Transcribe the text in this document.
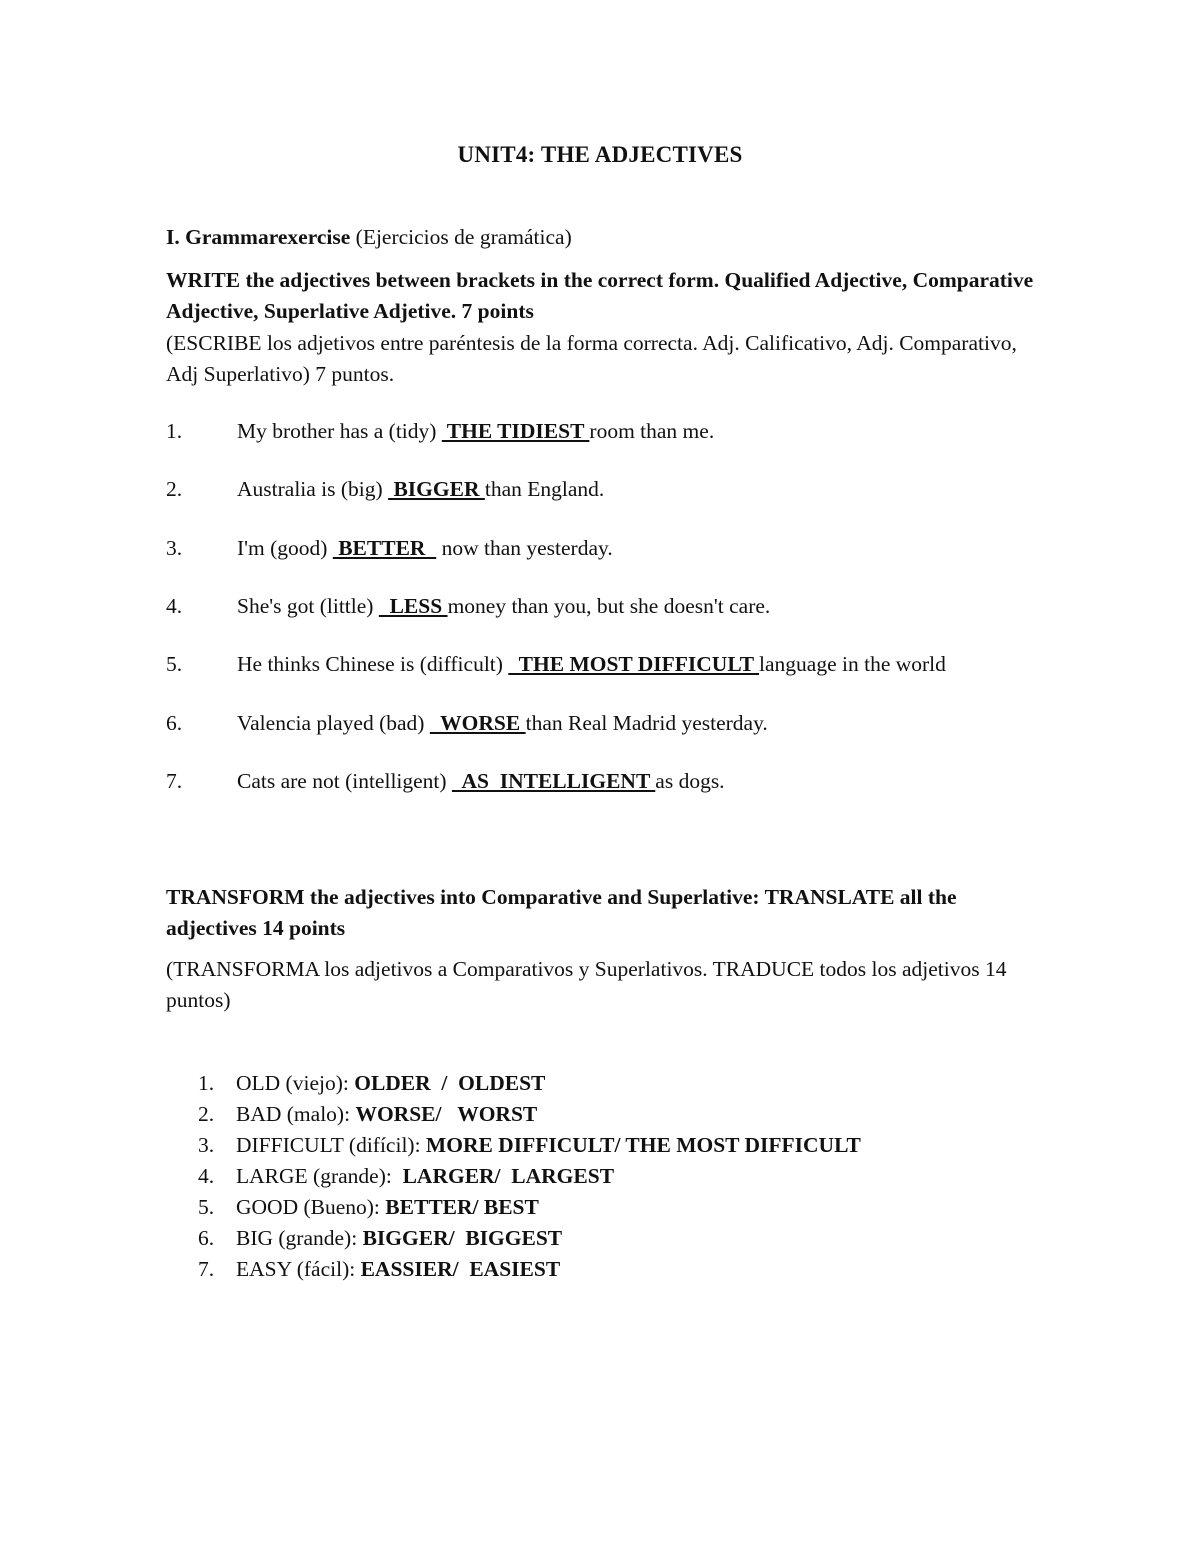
UNIT4: THE ADJECTIVES
I. Grammarexercise (Ejercicios de gramática)
WRITE the adjectives between brackets in the correct form. Qualified Adjective, Comparative Adjective, Superlative Adjetive. 7 points
(ESCRIBE los adjetivos entre paréntesis de la forma correcta. Adj. Calificativo, Adj. Comparativo, Adj Superlativo) 7 puntos.
1.	My brother has a (tidy)  THE TIDIEST room than me.
2.	Australia is (big)  BIGGER than England.
3.	I'm (good)  BETTER   now than yesterday.
4.	She's got (little)   LESS money than you, but she doesn't care.
5.	He thinks Chinese is (difficult)   THE MOST DIFFICULT language in the world
6.	Valencia played (bad)   WORSE than Real Madrid yesterday.
7.	Cats are not (intelligent)   AS  INTELLIGENT as dogs.
TRANSFORM the adjectives into Comparative and Superlative: TRANSLATE all the adjectives 14 points
(TRANSFORMA los adjetivos a Comparativos y Superlativos. TRADUCE todos los adjetivos 14 puntos)
1. OLD (viejo): OLDER  /  OLDEST
2. BAD (malo): WORSE/   WORST
3. DIFFICULT (difícil): MORE DIFFICULT/ THE MOST DIFFICULT
4. LARGE (grande):  LARGER/  LARGEST
5. GOOD (Bueno): BETTER/ BEST
6. BIG (grande): BIGGER/  BIGGEST
7. EASY (fácil): EASSIER/  EASIEST
